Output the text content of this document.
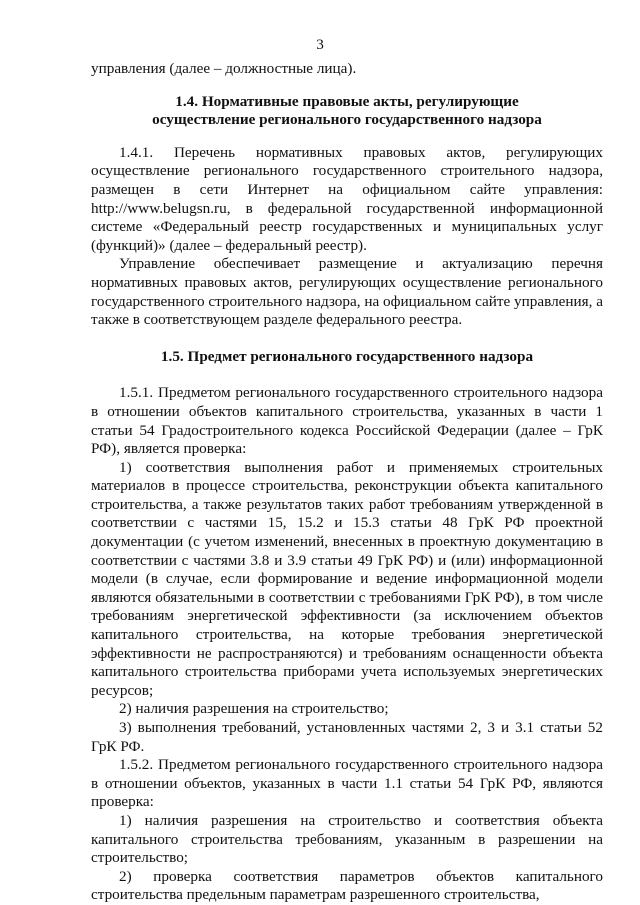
3

управления (далее – должностные лица).

1.4. Нормативные правовые акты, регулирующие
осуществление регионального государственного надзора

1.4.1. Перечень нормативных правовых актов, регулирующих осуществление регионального государственного строительного надзора, размещен в сети Интернет на официальном сайте управления: http://www.belugsn.ru, в федеральной государственной информационной системе «Федеральный реестр государственных и муниципальных услуг (функций)» (далее – федеральный реестр).

Управление обеспечивает размещение и актуализацию перечня нормативных правовых актов, регулирующих осуществление регионального государственного строительного надзора, на официальном сайте управления, а также в соответствующем разделе федерального реестра.

1.5. Предмет регионального государственного надзора

1.5.1. Предметом регионального государственного строительного надзора в отношении объектов капитального строительства, указанных в части 1 статьи 54 Градостроительного кодекса Российской Федерации (далее – ГрК РФ), является проверка:

1) соответствия выполнения работ и применяемых строительных материалов в процессе строительства, реконструкции объекта капитального строительства, а также результатов таких работ требованиям утвержденной в соответствии с частями 15, 15.2 и 15.3 статьи 48 ГрК РФ проектной документации (с учетом изменений, внесенных в проектную документацию в соответствии с частями 3.8 и 3.9 статьи 49 ГрК РФ) и (или) информационной модели (в случае, если формирование и ведение информационной модели являются обязательными в соответствии с требованиями ГрК РФ), в том числе требованиям энергетической эффективности (за исключением объектов капитального строительства, на которые требования энергетической эффективности не распространяются) и требованиям оснащенности объекта капитального строительства приборами учета используемых энергетических ресурсов;

2) наличия разрешения на строительство;

3) выполнения требований, установленных частями 2, 3 и 3.1 статьи 52 ГрК РФ.

1.5.2. Предметом регионального государственного строительного надзора в отношении объектов, указанных в части 1.1 статьи 54 ГрК РФ, являются проверка:

1) наличия разрешения на строительство и соответствия объекта капитального строительства требованиям, указанным в разрешении на строительство;

2) проверка соответствия параметров объектов капитального строительства предельным параметрам разрешенного строительства,
